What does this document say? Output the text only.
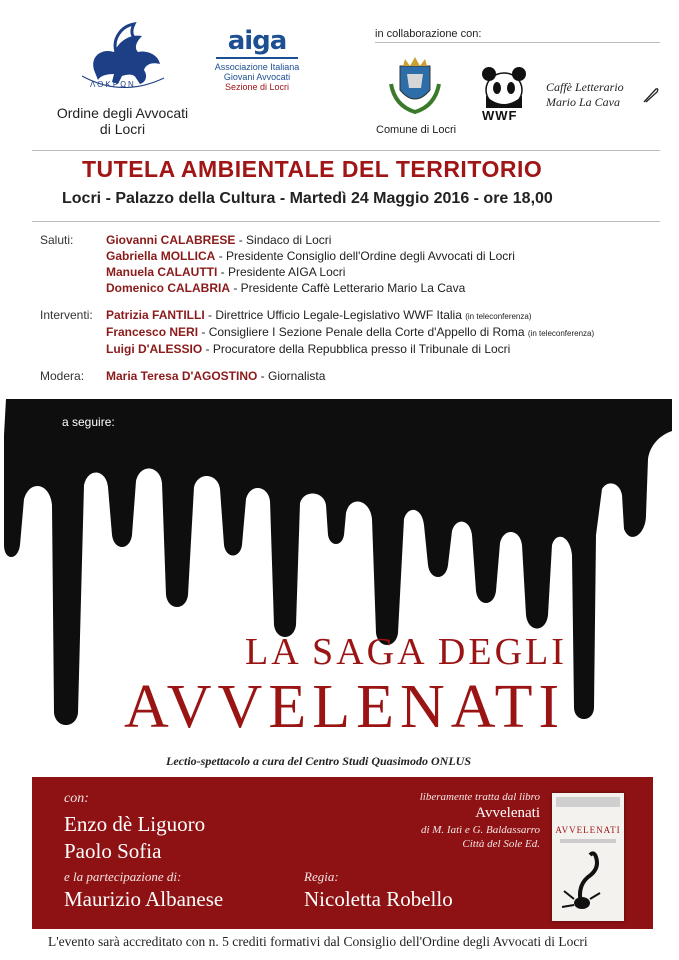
ΛΟΚΡΩΝ
Ordine degli Avvocati
di Locri
aiga
Associazione Italiana
Giovani Avvocati
Sezione di Locri
in collaborazione con:
Comune di Locri
WWF
Caffè Letterario
Mario La Cava
TUTELA AMBIENTALE DEL TERRITORIO
Locri - Palazzo della Cultura - Martedì 24 Maggio 2016 - ore 18,00
Saluti:	Giovanni CALABRESE - Sindaco di Locri
Gabriella MOLLICA - Presidente Consiglio dell'Ordine degli Avvocati di Locri
Manuela CALAUTTI - Presidente AIGA Locri
Domenico CALABRIA - Presidente Caffè Letterario Mario La Cava
Interventi: Patrizia FANTILLI - Direttrice Ufficio Legale-Legislativo WWF Italia (in teleconferenza)
Francesco NERI - Consigliere I Sezione Penale della Corte d'Appello di Roma (in teleconferenza)
Luigi D'ALESSIO - Procuratore della Repubblica presso il Tribunale di Locri
Modera: Maria Teresa D'AGOSTINO - Giornalista
a seguire:
LA SAGA DEGLI
AVVELENATI
Lectio-spettacolo a cura del Centro Studi Quasimodo ONLUS
con:
Enzo dè Liguoro
Paolo Sofia
e la partecipazione di:
Maurizio Albanese
Regia:
Nicoletta Robello
liberamente tratta dal libro
Avvelenati
di M. Iatì e G. Baldassarro
Città del Sole Ed.
AVVELENATI
L'evento sarà accreditato con n. 5 crediti formativi dal Consiglio dell'Ordine degli Avvocati di Locri
